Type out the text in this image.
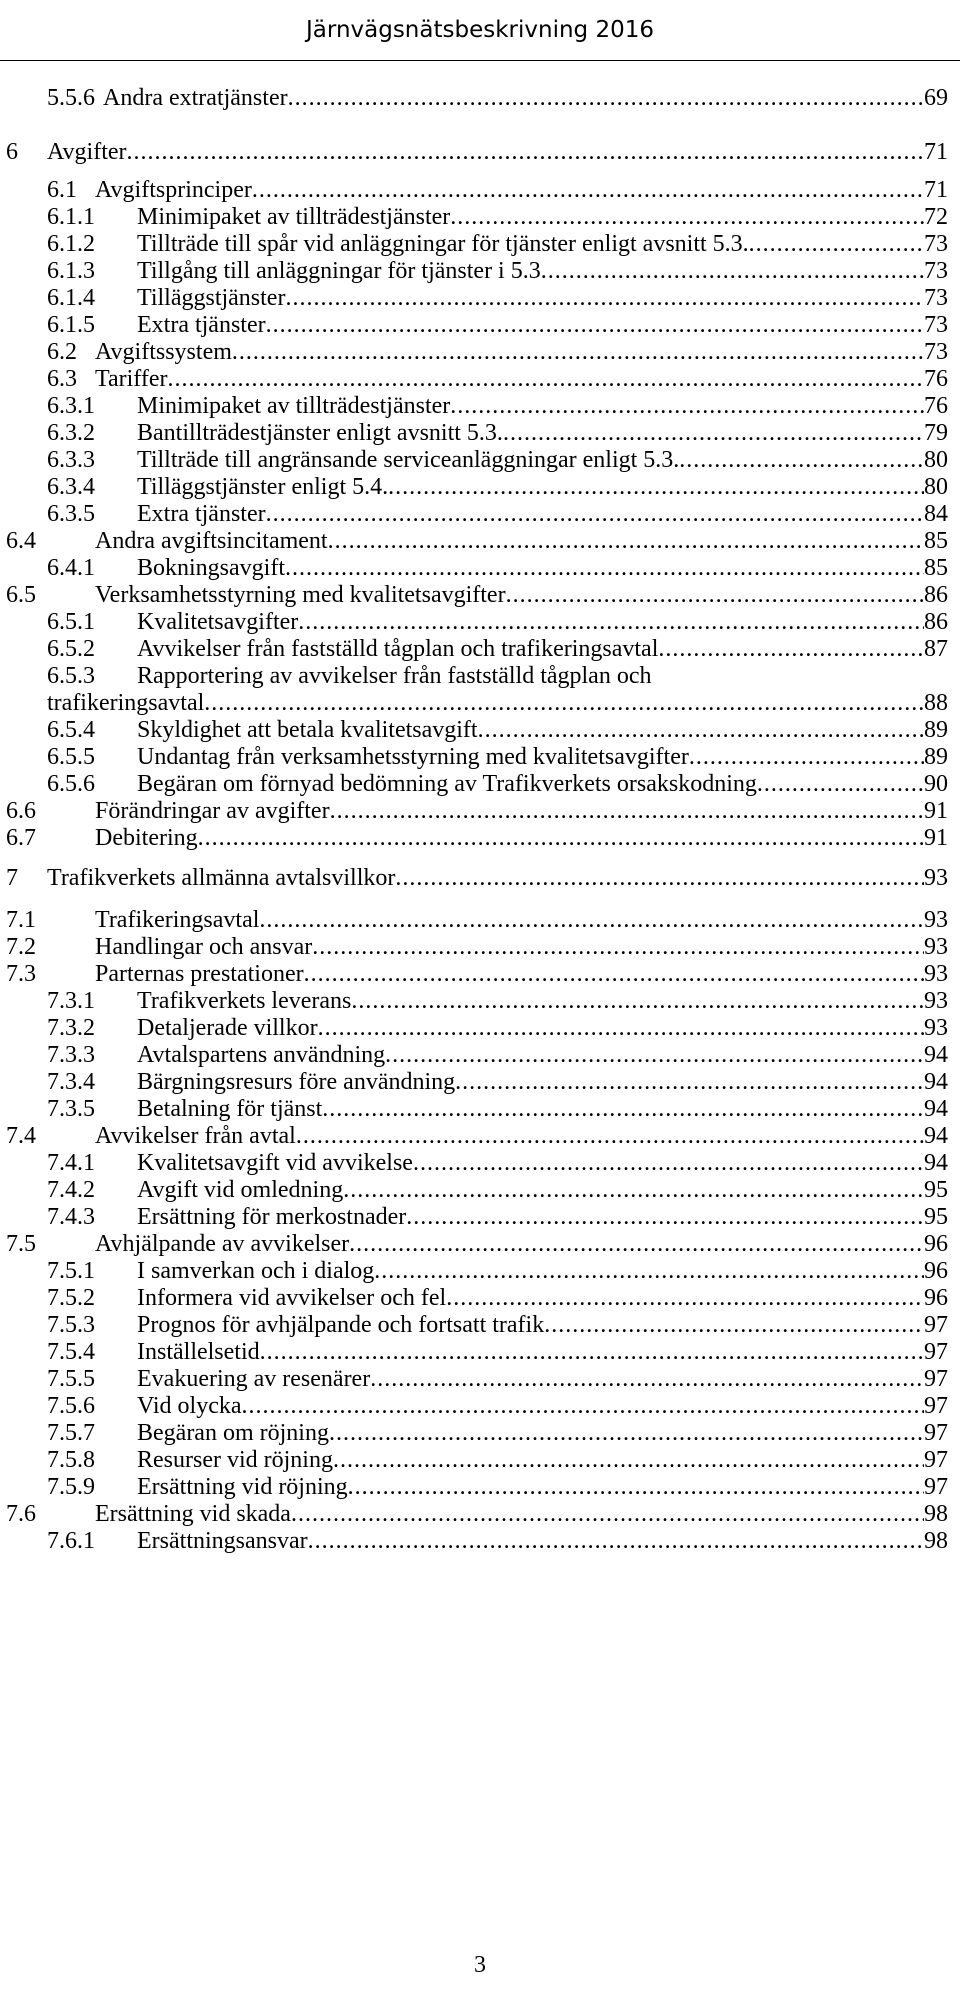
Järnvägsnätsbeskrivning 2016
5.5.6 Andra extratjänster .....	69
6	Avgifter .....	71
6.1 Avgiftsprinciper .....	71
6.1.1	Minimipaket av tillträdestjänster .....	72
6.1.2	Tillträde till spår vid anläggningar för tjänster enligt avsnitt 5.3. .....	73
6.1.3	Tillgång till anläggningar för tjänster i 5.3 .....	73
6.1.4	Tilläggstjänster .....	73
6.1.5	Extra tjänster .....	73
6.2 Avgiftssystem .....	73
6.3 Tariffer .....	76
6.3.1	Minimipaket av tillträdestjänster .....	76
6.3.2	Bantillträdestjänster enligt avsnitt 5.3. .....	79
6.3.3	Tillträde till angränsande serviceanläggningar enligt 5.3. .....	80
6.3.4	Tilläggstjänster enligt 5.4. .....	80
6.3.5	Extra tjänster .....	84
6.4	Andra avgiftsincitament .....	85
6.4.1	Bokningsavgift .....	85
6.5	Verksamhetsstyrning med kvalitetsavgifter .....	86
6.5.1	Kvalitetsavgifter .....	86
6.5.2	Avvikelser från fastställd tågplan och trafikeringsavtal .....	87
6.5.3	Rapportering av avvikelser från fastställd tågplan och
trafikeringsavtal .....	88
6.5.4	Skyldighet att betala kvalitetsavgift .....	89
6.5.5	Undantag från verksamhetsstyrning med kvalitetsavgifter .....	89
6.5.6	Begäran om förnyad bedömning av Trafikverkets orsakskodning .....	90
6.6	Förändringar av avgifter .....	91
6.7	Debitering .....	91
7	Trafikverkets allmänna avtalsvillkor .....	93
7.1	Trafikeringsavtal .....	93
7.2	Handlingar och ansvar .....	93
7.3	Parternas prestationer .....	93
7.3.1	Trafikverkets leverans .....	93
7.3.2	Detaljerade villkor .....	93
7.3.3	Avtalspartens användning .....	94
7.3.4	Bärgningsresurs före användning .....	94
7.3.5	Betalning för tjänst .....	94
7.4	Avvikelser från avtal .....	94
7.4.1	Kvalitetsavgift vid avvikelse .....	94
7.4.2	Avgift vid omledning .....	95
7.4.3	Ersättning för merkostnader .....	95
7.5	Avhjälpande av avvikelser .....	96
7.5.1	I samverkan och i dialog .....	96
7.5.2	Informera vid avvikelser och fel .....	96
7.5.3	Prognos för avhjälpande och fortsatt trafik .....	97
7.5.4	Inställelsetid .....	97
7.5.5	Evakuering av resenärer .....	97
7.5.6	Vid olycka .....	97
7.5.7	Begäran om röjning .....	97
7.5.8	Resurser vid röjning .....	97
7.5.9	Ersättning vid röjning .....	97
7.6	Ersättning vid skada .....	98
7.6.1	Ersättningsansvar .....	98
3
